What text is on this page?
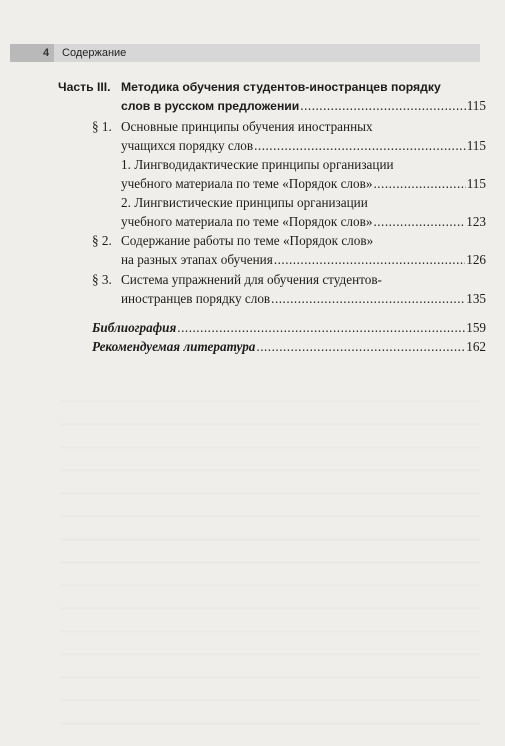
4 Содержание
Часть III. Методика обучения студентов-иностранцев порядку
слов в русском предложении .....	115
§ 1. Основные принципы обучения иностранных
учащихся порядку слов .....	115
1. Лингводидактические принципы организации
учебного материала по теме «Порядок слов» .....	115
2. Лингвистические принципы организации
учебного материала по теме «Порядок слов» .....	123
§ 2. Содержание работы по теме «Порядок слов»
на разных этапах обучения .....	126
§ 3. Система упражнений для обучения студентов-
иностранцев порядку слов .....	135
Библиография .....	159
Рекомендуемая литература .....	162
